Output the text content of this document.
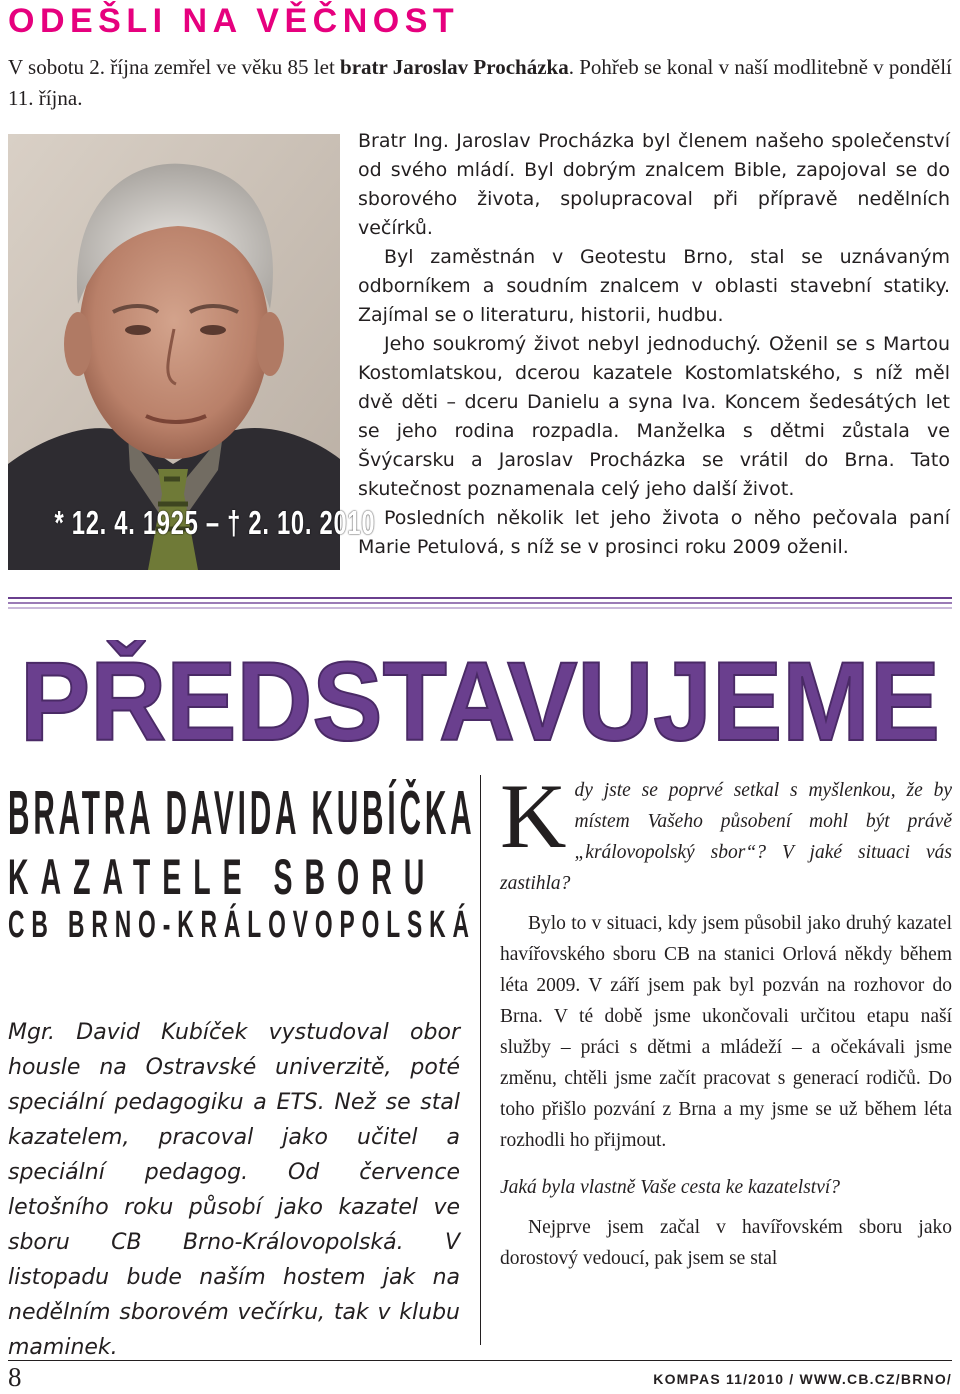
ODEŠLI NA VĚČNOST
V sobotu 2. října zemřel ve věku 85 let bratr Jaroslav Procházka. Pohřeb se konal v naší modlitebně v pondělí 11. října.
* 12. 4. 1925 – † 2. 10. 2010

Bratr Ing. Jaroslav Procházka byl členem našeho společenství od svého mládí. Byl dobrým znalcem Bible, zapojoval se do sborového života, spolupracoval při přípravě nedělních večírků.

Byl zaměstnán v Geotestu Brno, stal se uznávaným odborníkem a soudním znalcem v oblasti stavební statiky. Zajímal se o literaturu, historii, hudbu.

Jeho soukromý život nebyl jednoduchý. Oženil se s Martou Kostomlatskou, dcerou kazatele Kostomlatského, s níž měl dvě děti – dceru Danielu a syna Iva. Koncem šedesátých let se jeho rodina rozpadla. Manželka s dětmi zůstala ve Švýcarsku a Jaroslav Procházka se vrátil do Brna. Tato skutečnost poznamenala celý jeho další život.

Posledních několik let jeho života o něho pečovala paní Marie Petulová, s níž se v prosinci roku 2009 oženil.

PŘEDSTAVUJEME
BRATRA DAVIDA KUBÍČKA
KAZATELE SBORU
CB BRNO-KRÁLOVOPOLSKÁ
Mgr. David Kubíček vystudoval obor housle na Ostravské univerzitě, poté speciální pedagogiku a ETS. Než se stal kazatelem, pracoval jako učitel a speciální pedagog. Od července letošního roku působí jako kazatel ve sboru CB Brno-Královopolská. V listopadu bude naším hostem jak na nedělním sborovém večírku, tak v klubu maminek.

Kdy jste se poprvé setkal s myšlenkou, že by místem Vašeho působení mohl být právě „královopolský sbor“? V jaké situaci vás zastihla?

Bylo to v situaci, kdy jsem působil jako druhý kazatel havířovského sboru CB na stanici Orlová někdy během léta 2009. V září jsem pak byl pozván na rozhovor do Brna. V té době jsme ukončovali určitou etapu naší služby – práci s dětmi a mládeží – a očekávali jsme změnu, chtěli jsme začít pracovat s generací rodičů. Do toho přišlo pozvání z Brna a my jsme se už během léta rozhodli ho přijmout.

Jaká byla vlastně Vaše cesta ke kazatelství?

Nejprve jsem začal v havířovském sboru jako dorostový vedoucí, pak jsem se stal

8	KOMPAS 11/2010 / WWW.CB.CZ/BRNO/
